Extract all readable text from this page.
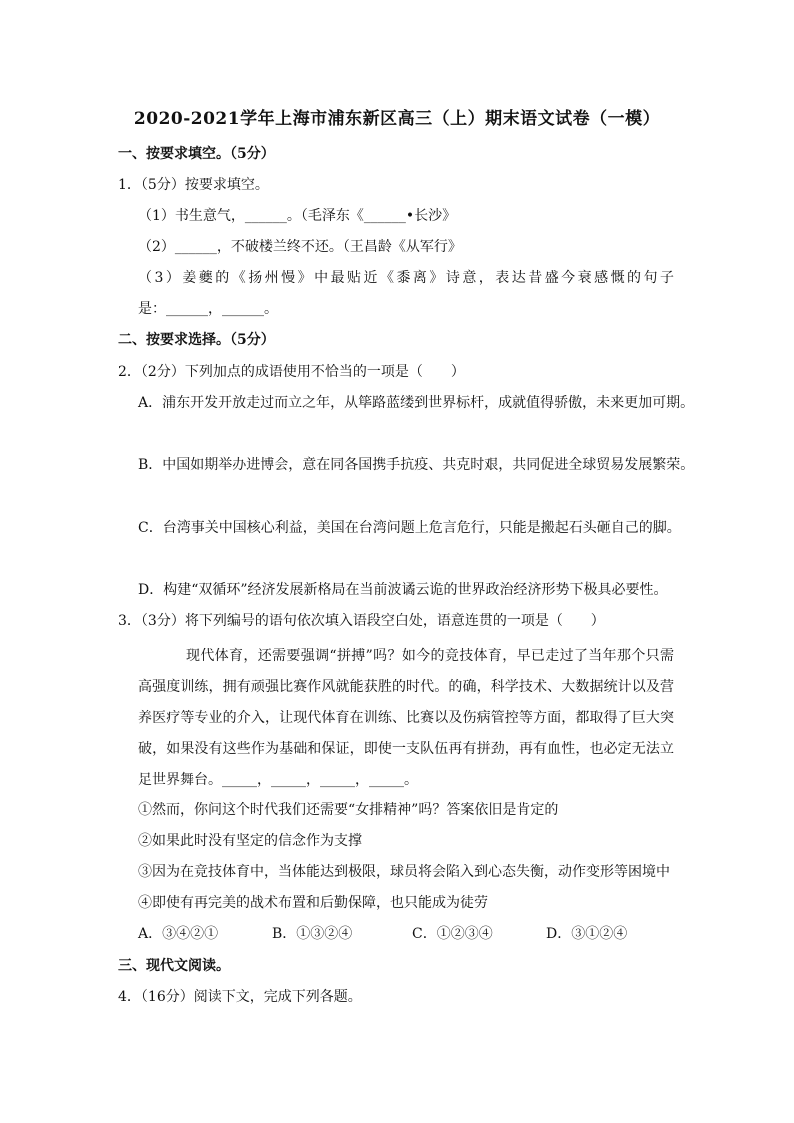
2020-2021学年上海市浦东新区高三（上）期末语文试卷（一模）
一、按要求填空。（5分）
1．（5分）按要求填空。
（1）书生意气，______。（毛泽东《______•长沙》
（2）______，不破楼兰终不还。（王昌龄《从军行》
（3）姜夔的《扬州慢》中最贴近《黍离》诗意，表达昔盛今衰感慨的句子
是：______，______。
二、按要求选择。（5分）
2．（2分）下列加点的成语使用不恰当的一项是（　　）
A．浦东开发开放走过而立之年，从筚路蓝缕到世界标杆，成就值得骄傲，未来更加可期。
B．中国如期举办进博会，意在同各国携手抗疫、共克时艰，共同促进全球贸易发展繁荣。
C．台湾事关中国核心利益，美国在台湾问题上危言危行，只能是搬起石头砸自己的脚。
D．构建“双循环”经济发展新格局在当前波谲云诡的世界政治经济形势下极具必要性。
3．（3分）将下列编号的语句依次填入语段空白处，语意连贯的一项是（　　）
现代体育，还需要强调“拼搏”吗？如今的竞技体育，早已走过了当年那个只需
高强度训练，拥有顽强比赛作风就能获胜的时代。的确，科学技术、大数据统计以及营
养医疗等专业的介入，让现代体育在训练、比赛以及伤病管控等方面，都取得了巨大突
破，如果没有这些作为基础和保证，即使一支队伍再有拼劲，再有血性，也必定无法立
足世界舞台。_____，_____，_____，_____。
①然而，你问这个时代我们还需要“女排精神”吗？答案依旧是肯定的
②如果此时没有坚定的信念作为支撑
③因为在竞技体育中，当体能达到极限，球员将会陷入到心态失衡，动作变形等困境中
④即使有再完美的战术布置和后勤保障，也只能成为徒劳
A．③④②①	B．①③②④	C．①②③④	D．③①②④
三、现代文阅读。
4．（16分）阅读下文，完成下列各题。
